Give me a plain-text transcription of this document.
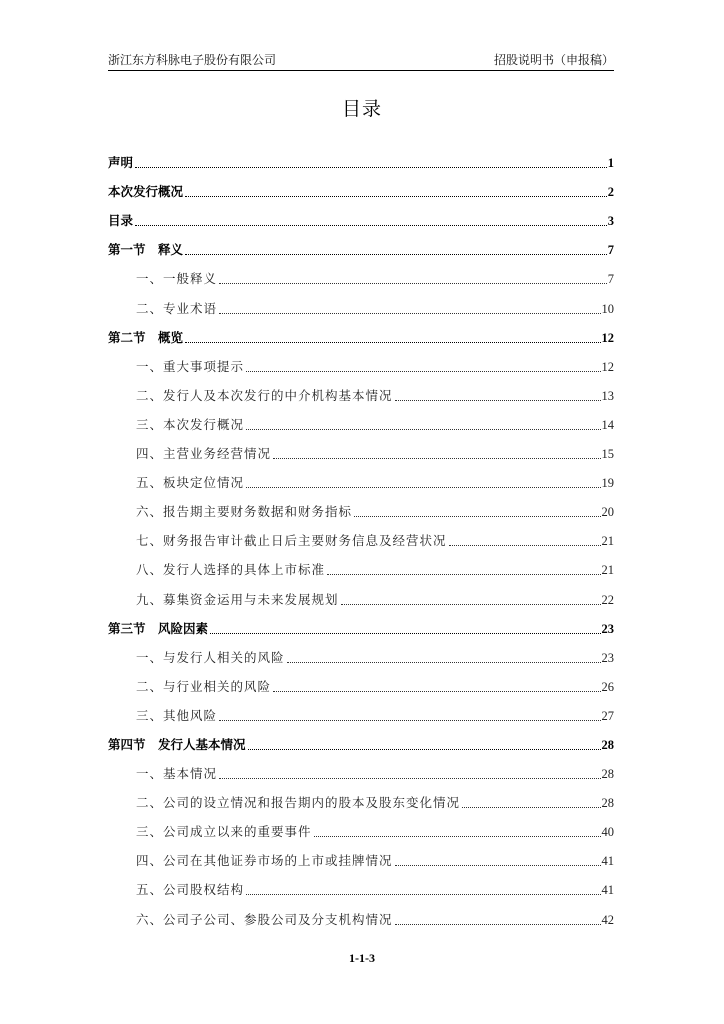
浙江东方科脉电子股份有限公司	招股说明书（申报稿）
目录
声明	1
本次发行概况	2
目录	3
第一节　释义	7
一、一般释义	7
二、专业术语	10
第二节　概览	12
一、重大事项提示	12
二、发行人及本次发行的中介机构基本情况	13
三、本次发行概况	14
四、主营业务经营情况	15
五、板块定位情况	19
六、报告期主要财务数据和财务指标	20
七、财务报告审计截止日后主要财务信息及经营状况	21
八、发行人选择的具体上市标准	21
九、募集资金运用与未来发展规划	22
第三节　风险因素	23
一、与发行人相关的风险	23
二、与行业相关的风险	26
三、其他风险	27
第四节　发行人基本情况	28
一、基本情况	28
二、公司的设立情况和报告期内的股本及股东变化情况	28
三、公司成立以来的重要事件	40
四、公司在其他证券市场的上市或挂牌情况	41
五、公司股权结构	41
六、公司子公司、参股公司及分支机构情况	42
1-1-3
